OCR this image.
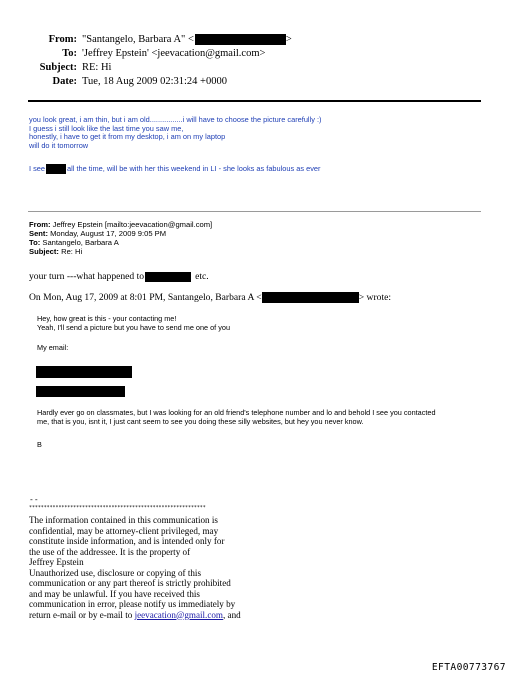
From: "Santangelo, Barbara A" <	>
To: 'Jeffrey Epstein' <jeevacation@gmail.com>
Subject: RE: Hi
Date: Tue, 18 Aug 2009 02:31:24 +0000
you look great, i am thin, but i am old................i will have to choose the picture carefully :)
I guess i still look like the last time you saw me,
honestly, i have to get it from my desktop, i am on my laptop
will do it tomorrow
I see	all the time, will be with her this weekend in LI - she looks as fabulous as ever
From: Jeffrey Epstein [mailto:jeevacation@gmail.com]
Sent: Monday, August 17, 2009 9:05 PM
To: Santangelo, Barbara A
Subject: Re: Hi
your turn ---what happened to	etc.
On Mon, Aug 17, 2009 at 8:01 PM, Santangelo, Barbara A <	> wrote:
Hey, how great is this - your contacting me!
Yeah, I'll send a picture but you have to send me one of you
My email:
Hardly ever go on classmates, but I was looking for an old friend's telephone number and lo and behold I see you contacted
me, that is you, isnt it, I just cant seem to see you doing these silly websites, but hey you never know.
B
--
************************************************************
The information contained in this communication is
confidential, may be attorney-client privileged, may
constitute inside information, and is intended only for
the use of the addressee. It is the property of
Jeffrey Epstein
Unauthorized use, disclosure or copying of this
communication or any part thereof is strictly prohibited
and may be unlawful. If you have received this
communication in error, please notify us immediately by
return e-mail or by e-mail to jeevacation@gmail.com, and
EFTA00773767
